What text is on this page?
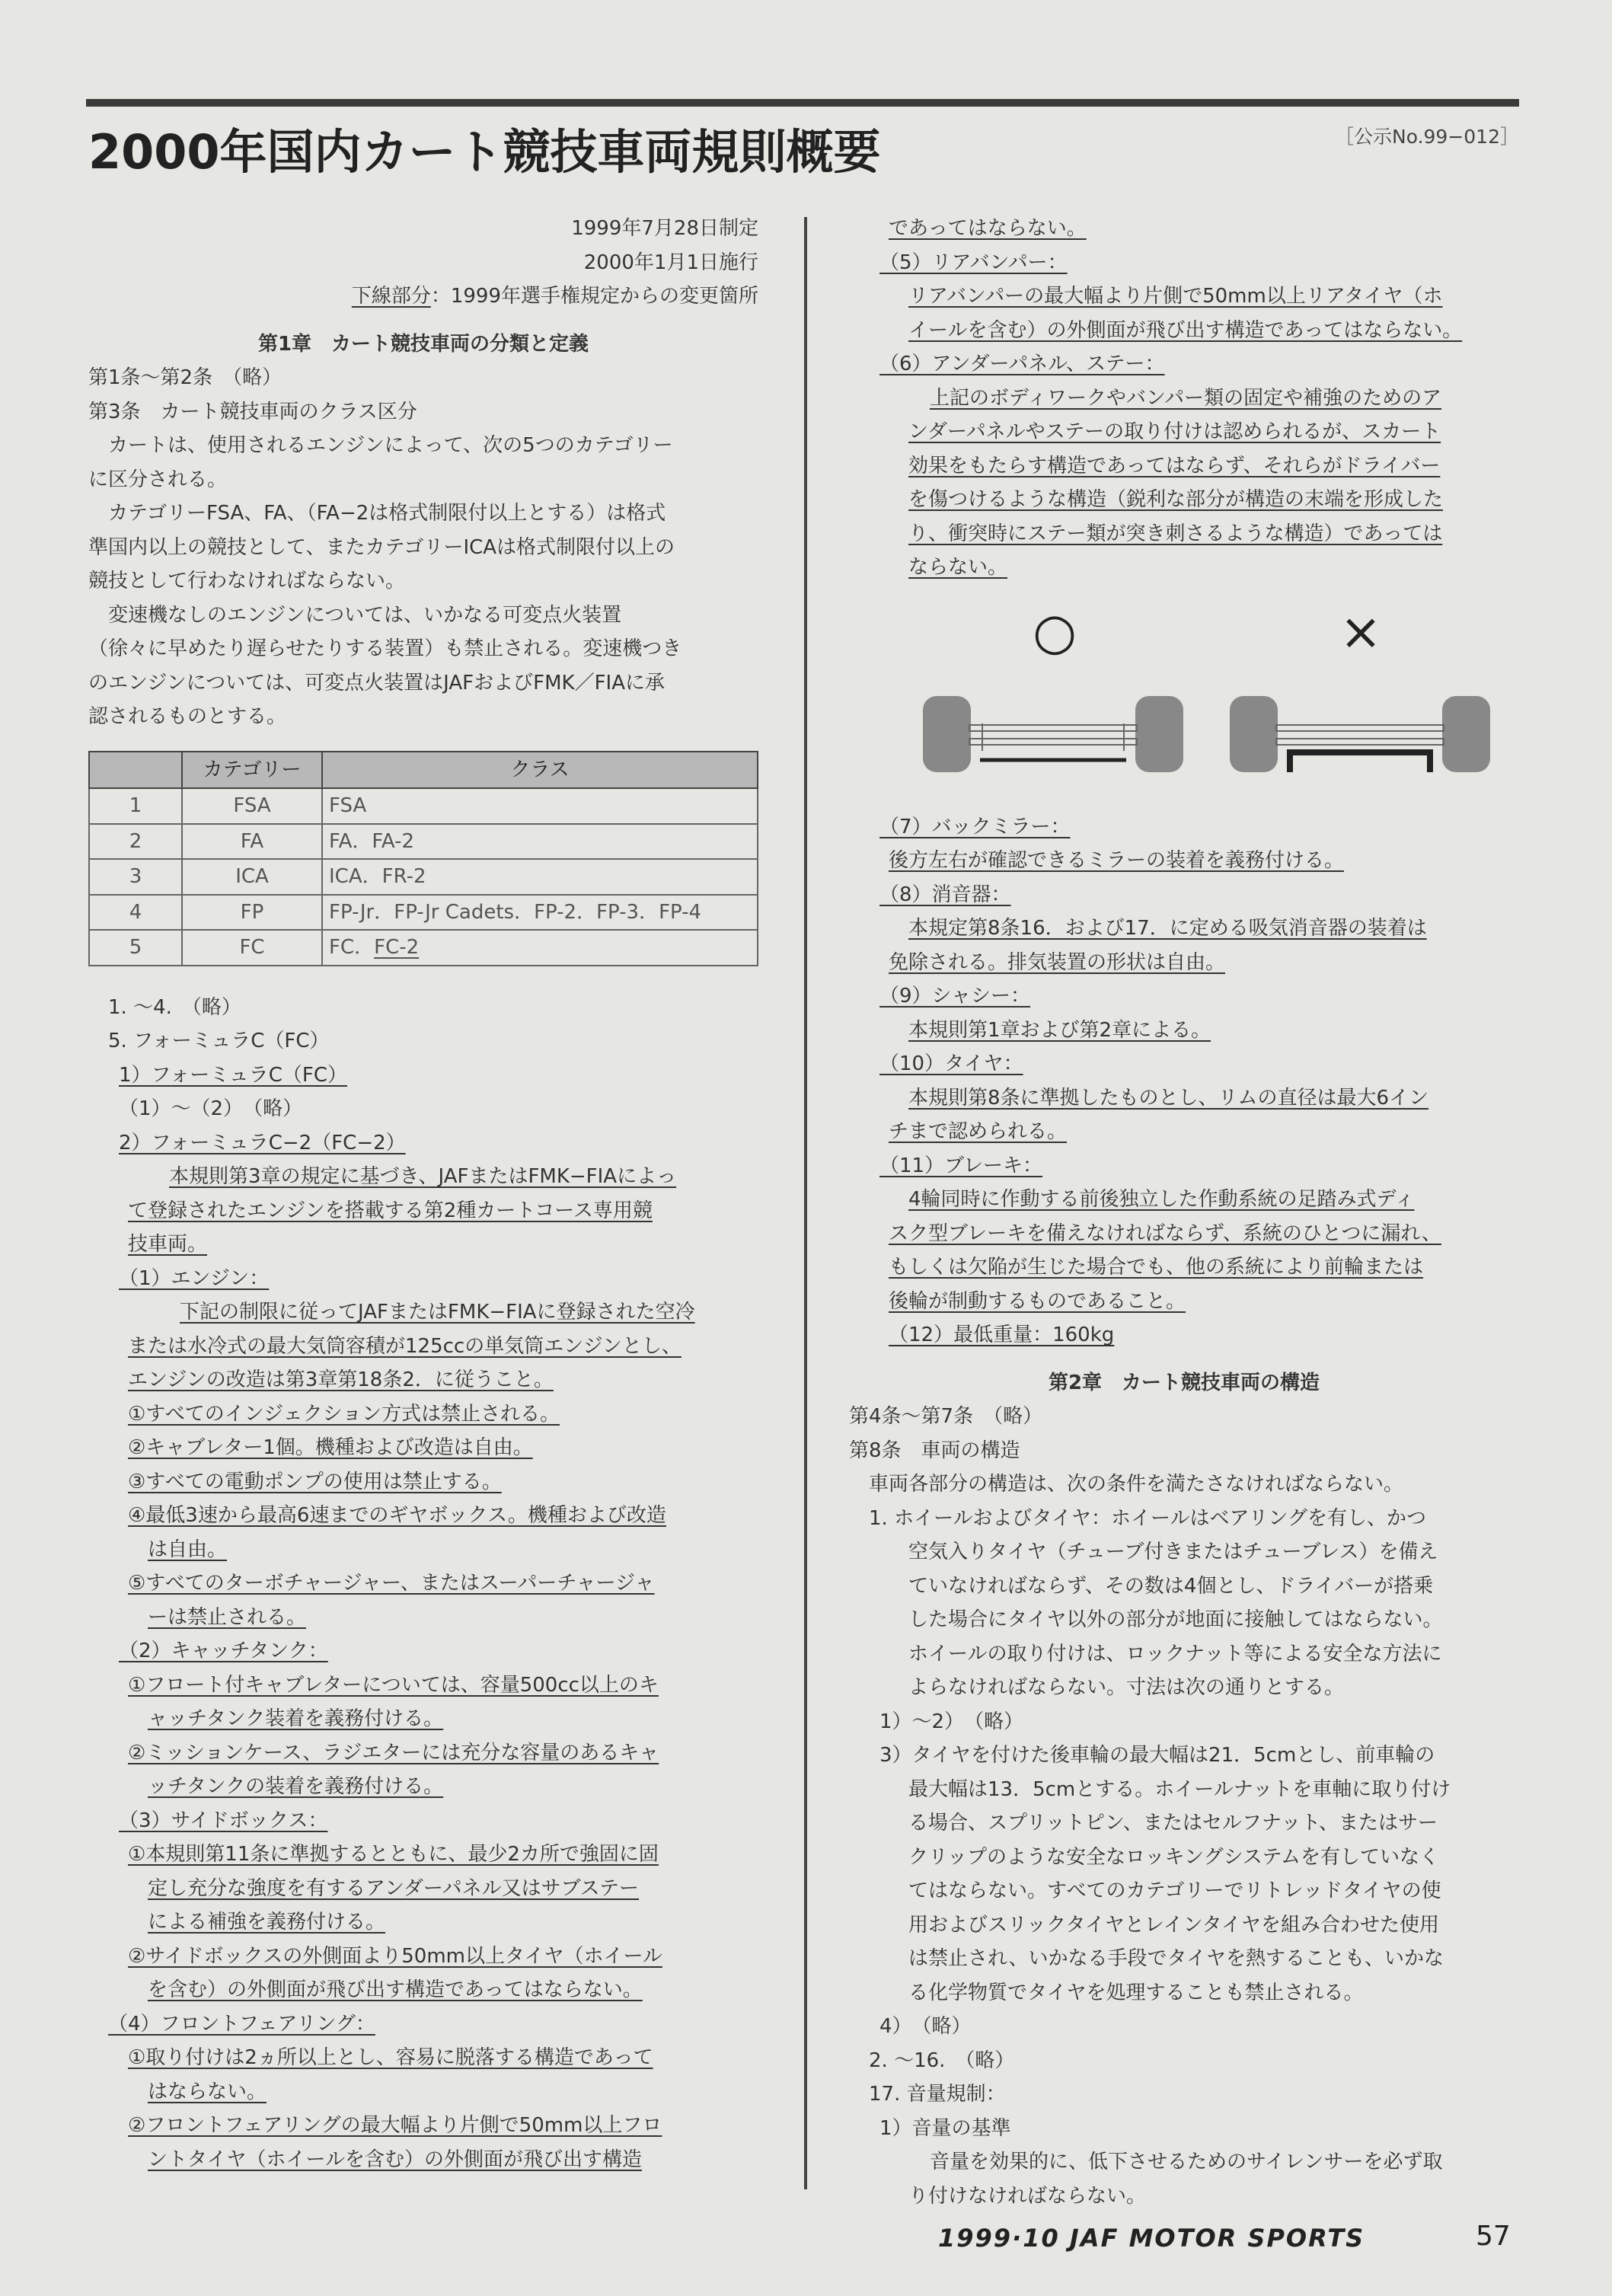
2000年国内カート競技車両規則概要	［公示No.99−012］

1999年7月28日制定

2000年1月1日施行

下線部分：1999年選手権規定からの変更箇所

第1章　カート競技車両の分類と定義

第1条〜第2条　（略）

第3条　カート競技車両のクラス区分

　カートは、使用されるエンジンによって、次の5つのカテゴリー

に区分される。

　カテゴリーFSA、FA、（FA−2は格式制限付以上とする）は格式

準国内以上の競技として、またカテゴリーICAは格式制限付以上の

競技として行わなければならない。

　変速機なしのエンジンについては、いかなる可変点火装置

（徐々に早めたり遅らせたりする装置）も禁止される。変速機つき

のエンジンについては、可変点火装置はJAFおよびFMK／FIAに承

認されるものとする。

	カテゴリー	クラス
1	FSA	FSA
2	FA	FA．FA-2
3	ICA	ICA．FR-2
4	FP	FP-Jr．FP-Jr Cadets．FP-2．FP-3．FP-4
5	FC	FC．FC-2

1. 〜4.　（略）

5. フォーミュラC（FC）

1）フォーミュラC（FC）

（1）〜（2）　（略）

2）フォーミュラC−2（FC−2）

本規則第3章の規定に基づき、JAFまたはFMK−FIAによっ

て登録されたエンジンを搭載する第2種カートコース専用競

技車両。

（1）エンジン：

下記の制限に従ってJAFまたはFMK−FIAに登録された空冷

または水冷式の最大気筒容積が125ccの単気筒エンジンとし、

エンジンの改造は第3章第18条2．に従うこと。

①すべてのインジェクション方式は禁止される。

②キャブレター1個。機種および改造は自由。

③すべての電動ポンプの使用は禁止する。

④最低3速から最高6速までのギヤボックス。機種および改造

は自由。

⑤すべてのターボチャージャー、またはスーパーチャージャ

ーは禁止される。

（2）キャッチタンク：

①フロート付キャブレターについては、容量500cc以上のキ

ャッチタンク装着を義務付ける。

②ミッションケース、ラジエターには充分な容量のあるキャ

ッチタンクの装着を義務付ける。

（3）サイドボックス：

①本規則第11条に準拠するとともに、最少2カ所で強固に固

定し充分な強度を有するアンダーパネル又はサブステー

による補強を義務付ける。

②サイドボックスの外側面より50mm以上タイヤ（ホイール

を含む）の外側面が飛び出す構造であってはならない。

（4）フロントフェアリング：

①取り付けは2ヵ所以上とし、容易に脱落する構造であって

はならない。

②フロントフェアリングの最大幅より片側で50mm以上フロ

ントタイヤ（ホイールを含む）の外側面が飛び出す構造

であってはならない。

（5）リアバンパー：

リアバンパーの最大幅より片側で50mm以上リアタイヤ（ホ

イールを含む）の外側面が飛び出す構造であってはならない。

（6）アンダーパネル、ステー：

上記のボディワークやバンパー類の固定や補強のためのア

ンダーパネルやステーの取り付けは認められるが、スカート

効果をもたらす構造であってはならず、それらがドライバー

を傷つけるような構造（鋭利な部分が構造の末端を形成した

り、衝突時にステー類が突き刺さるような構造）であっては

ならない。

○	×

（7）バックミラー：

後方左右が確認できるミラーの装着を義務付ける。

（8）消音器：

本規定第8条16．および17．に定める吸気消音器の装着は

免除される。排気装置の形状は自由。

（9）シャシー：

本規則第1章および第2章による。

（10）タイヤ：

本規則第8条に準拠したものとし、リムの直径は最大6イン

チまで認められる。

（11）ブレーキ：

4輪同時に作動する前後独立した作動系統の足踏み式ディ

スク型ブレーキを備えなければならず、系統のひとつに漏れ、

もしくは欠陥が生じた場合でも、他の系統により前輪または

後輪が制動するものであること。

（12）最低重量：160kg

第2章　カート競技車両の構造

第4条〜第7条　（略）

第8条　車両の構造

車両各部分の構造は、次の条件を満たさなければならない。

1. ホイールおよびタイヤ：ホイールはベアリングを有し、かつ

空気入りタイヤ（チューブ付きまたはチューブレス）を備え

ていなければならず、その数は4個とし、ドライバーが搭乗

した場合にタイヤ以外の部分が地面に接触してはならない。

ホイールの取り付けは、ロックナット等による安全な方法に

よらなければならない。寸法は次の通りとする。

1）〜2）　（略）

3）タイヤを付けた後車輪の最大幅は21．5cmとし、前車輪の

最大幅は13．5cmとする。ホイールナットを車軸に取り付け

る場合、スプリットピン、またはセルフナット、またはサー

クリップのような安全なロッキングシステムを有していなく

てはならない。すべてのカテゴリーでリトレッドタイヤの使

用およびスリックタイヤとレインタイヤを組み合わせた使用

は禁止され、いかなる手段でタイヤを熱することも、いかな

る化学物質でタイヤを処理することも禁止される。

4）　（略）

2. 〜16.　（略）

17. 音量規制：

1）音量の基準

音量を効果的に、低下させるためのサイレンサーを必ず取

り付けなければならない。

1999·10 JAF MOTOR SPORTS	57
